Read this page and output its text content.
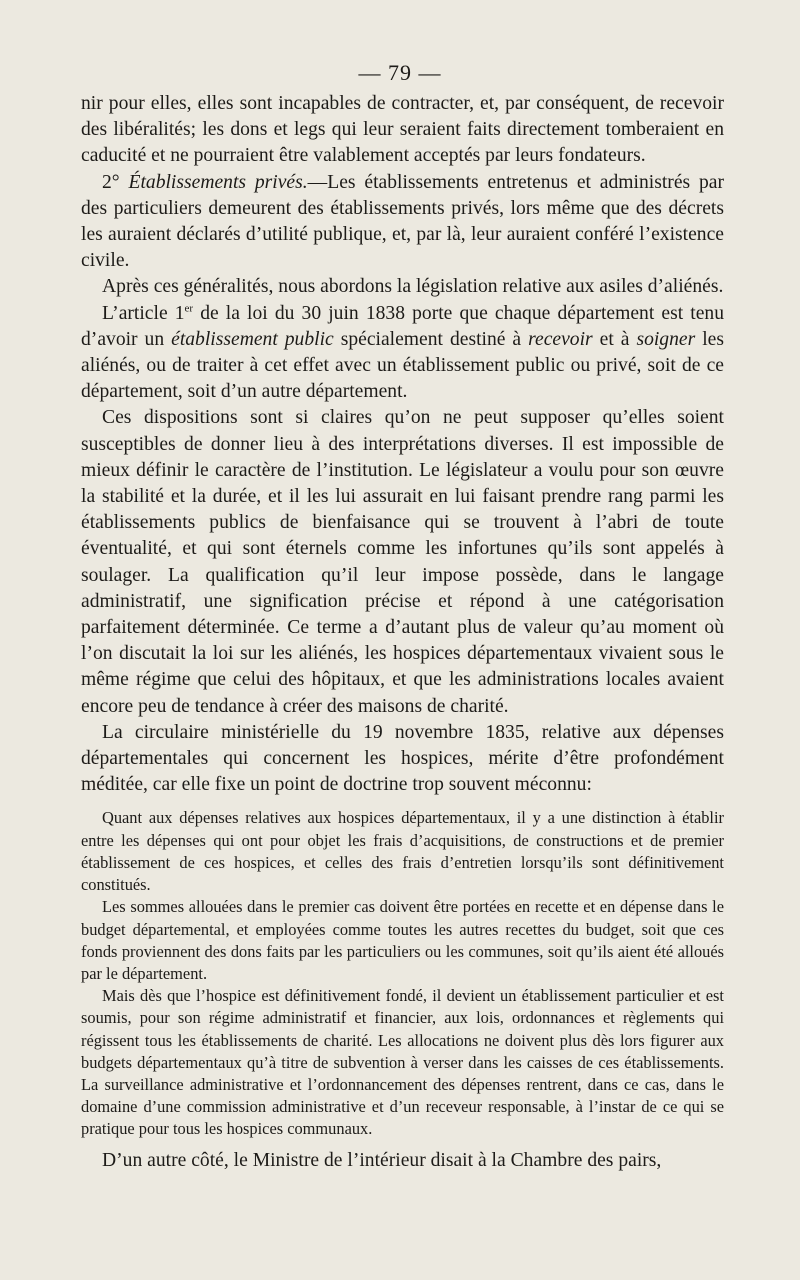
— 79 —

nir pour elles, elles sont incapables de contracter, et, par conséquent, de recevoir des libéralités; les dons et legs qui leur seraient faits directement tomberaient en caducité et ne pourraient être valablement acceptés par leurs fondateurs.

2° Établissements privés.—Les établissements entretenus et administrés par des particuliers demeurent des établissements privés, lors même que des décrets les auraient déclarés d’utilité publique, et, par là, leur auraient conféré l’existence civile.

Après ces généralités, nous abordons la législation relative aux asiles d’aliénés.

L’article 1er de la loi du 30 juin 1838 porte que chaque département est tenu d’avoir un établissement public spécialement destiné à recevoir et à soigner les aliénés, ou de traiter à cet effet avec un établissement public ou privé, soit de ce département, soit d’un autre département.

Ces dispositions sont si claires qu’on ne peut supposer qu’elles soient susceptibles de donner lieu à des interprétations diverses. Il est impossible de mieux définir le caractère de l’institution. Le législateur a voulu pour son œuvre la stabilité et la durée, et il les lui assurait en lui faisant prendre rang parmi les établissements publics de bienfaisance qui se trouvent à l’abri de toute éventualité, et qui sont éternels comme les infortunes qu’ils sont appelés à soulager. La qualification qu’il leur impose possède, dans le langage administratif, une signification précise et répond à une catégorisation parfaitement déterminée. Ce terme a d’autant plus de valeur qu’au moment où l’on discutait la loi sur les aliénés, les hospices départementaux vivaient sous le même régime que celui des hôpitaux, et que les administrations locales avaient encore peu de tendance à créer des maisons de charité.

La circulaire ministérielle du 19 novembre 1835, relative aux dépenses départementales qui concernent les hospices, mérite d’être profondément méditée, car elle fixe un point de doctrine trop souvent méconnu:

Quant aux dépenses relatives aux hospices départementaux, il y a une distinction à établir entre les dépenses qui ont pour objet les frais d’acquisitions, de constructions et de premier établissement de ces hospices, et celles des frais d’entretien lorsqu’ils sont définitivement constitués.

Les sommes allouées dans le premier cas doivent être portées en recette et en dépense dans le budget départemental, et employées comme toutes les autres recettes du budget, soit que ces fonds proviennent des dons faits par les particuliers ou les communes, soit qu’ils aient été alloués par le département.

Mais dès que l’hospice est définitivement fondé, il devient un établissement particulier et est soumis, pour son régime administratif et financier, aux lois, ordonnances et règlements qui régissent tous les établissements de charité. Les allocations ne doivent plus dès lors figurer aux budgets départementaux qu’à titre de subvention à verser dans les caisses de ces établissements. La surveillance administrative et l’ordonnancement des dépenses rentrent, dans ce cas, dans le domaine d’une commission administrative et d’un receveur responsable, à l’instar de ce qui se pratique pour tous les hospices communaux.

D’un autre côté, le Ministre de l’intérieur disait à la Chambre des pairs,
